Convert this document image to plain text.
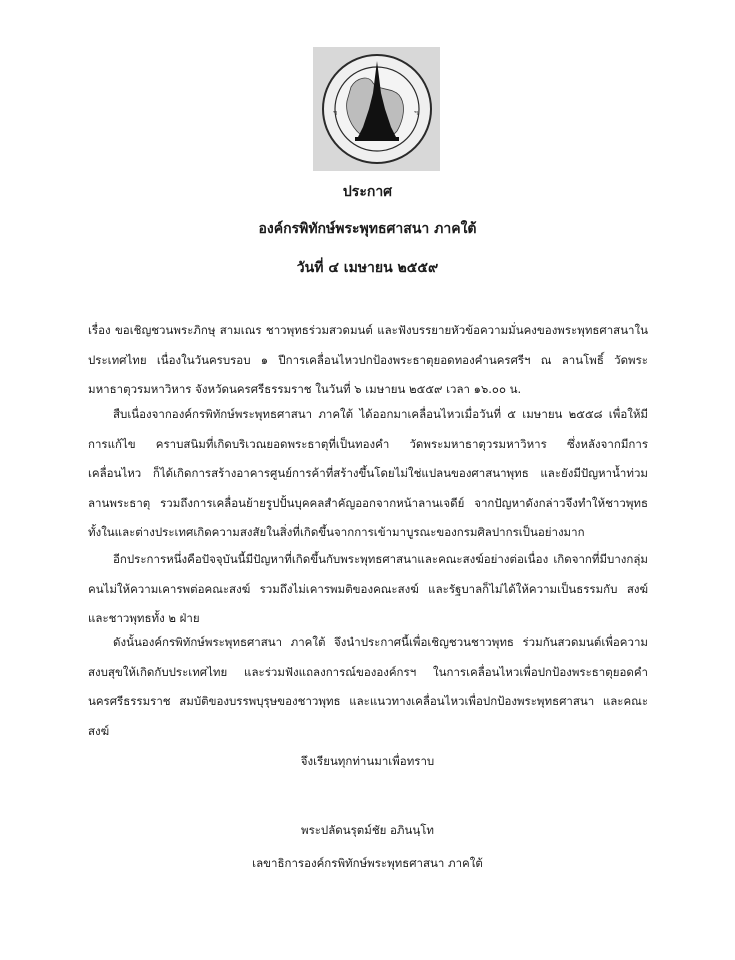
ฯ	ฯ
ประกาศ
องค์กรพิทักษ์พระพุทธศาสนา ภาคใต้
วันที่ ๔ เมษายน ๒๕๕๙
เรื่อง ขอเชิญชวนพระภิกษุ สามเณร ชาวพุทธร่วมสวดมนต์ และฟังบรรยายหัวข้อความมั่นคงของพระพุทธศาสนาในประเทศไทย เนื่องในวันครบรอบ ๑ ปีการเคลื่อนไหวปกป้องพระธาตุยอดทองคำนครศรีฯ ณ ลานโพธิ์ วัดพระมหาธาตุวรมหาวิหาร จังหวัดนครศรีธรรมราช ในวันที่ ๖ เมษายน ๒๕๕๙ เวลา ๑๖.๐๐ น.
สืบเนื่องจากองค์กรพิทักษ์พระพุทธศาสนา ภาคใต้ ได้ออกมาเคลื่อนไหวเมื่อวันที่ ๕ เมษายน ๒๕๕๘ เพื่อให้มีการแก้ไข คราบสนิมที่เกิดบริเวณยอดพระธาตุที่เป็นทองคำ วัดพระมหาธาตุวรมหาวิหาร ซึ่งหลังจากมีการเคลื่อนไหว ก็ได้เกิดการสร้างอาคารศูนย์การค้าที่สร้างขึ้นโดยไม่ใช่แปลนของศาสนาพุทธ และยังมีปัญหาน้ำท่วมลานพระธาตุ รวมถึงการเคลื่อนย้ายรูปปั้นบุคคลสำคัญออกจากหน้าลานเจดีย์ จากปัญหาดังกล่าวจึงทำให้ชาวพุทธทั้งในและต่างประเทศเกิดความสงสัยในสิ่งที่เกิดขึ้นจากการเข้ามาบูรณะของกรมศิลปากรเป็นอย่างมาก
อีกประการหนึ่งคือปัจจุบันนี้มีปัญหาที่เกิดขึ้นกับพระพุทธศาสนาและคณะสงฆ์อย่างต่อเนื่อง เกิดจากที่มีบางกลุ่มคนไม่ให้ความเคารพต่อคณะสงฆ์ รวมถึงไม่เคารพมติของคณะสงฆ์ และรัฐบาลก็ไม่ได้ให้ความเป็นธรรมกับ สงฆ์และชาวพุทธทั้ง ๒ ฝ่าย
ดังนั้นองค์กรพิทักษ์พระพุทธศาสนา ภาคใต้ จึงนำประกาศนี้เพื่อเชิญชวนชาวพุทธ ร่วมกันสวดมนต์เพื่อความสงบสุขให้เกิดกับประเทศไทย และร่วมฟังแถลงการณ์ขององค์กรฯ ในการเคลื่อนไหวเพื่อปกป้องพระธาตุยอดคำนครศรีธรรมราช สมบัติของบรรพบุรุษของชาวพุทธ และแนวทางเคลื่อนไหวเพื่อปกป้องพระพุทธศาสนา และคณะสงฆ์
จึงเรียนทุกท่านมาเพื่อทราบ
พระปลัดนรุตม์ชัย อภินนฺโท
เลขาธิการองค์กรพิทักษ์พระพุทธศาสนา ภาคใต้
